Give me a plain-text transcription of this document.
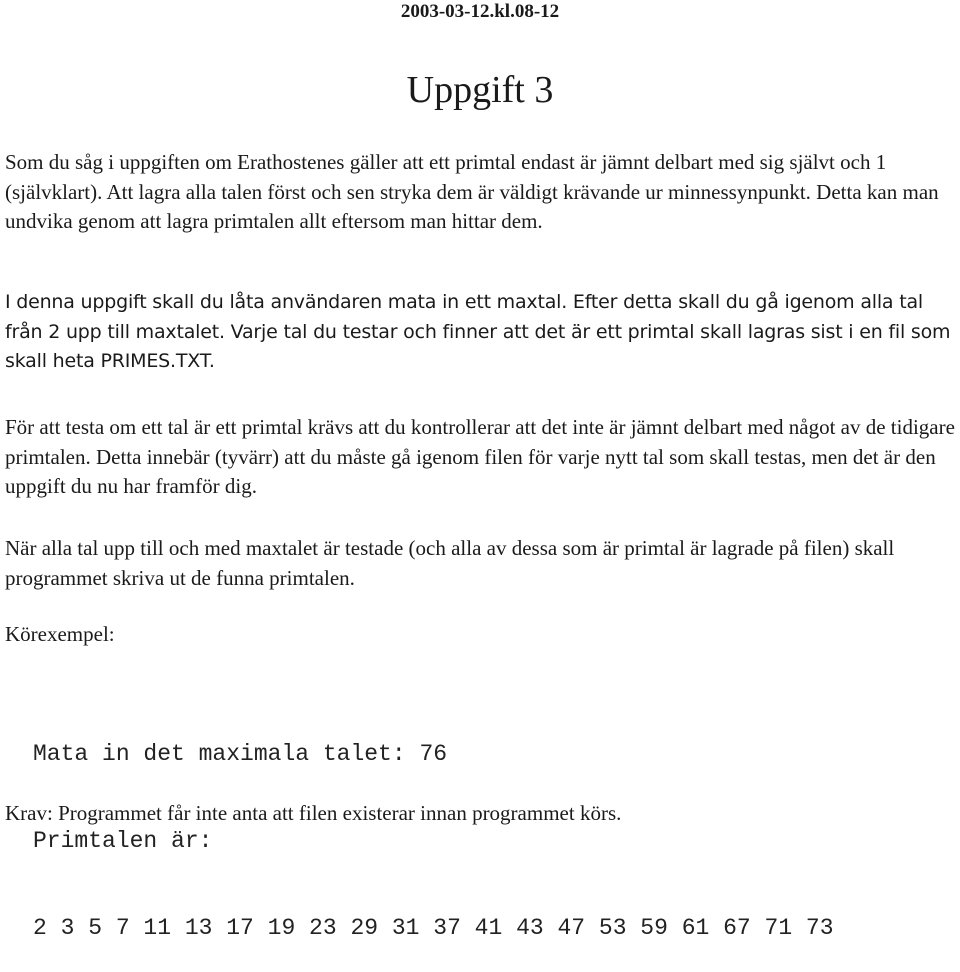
2003-03-12.kl.08-12
Uppgift 3

Som du såg i uppgiften om Erathostenes gäller att ett primtal endast är jämnt delbart med sig självt och 1 (självklart). Att lagra alla talen först och sen stryka dem är väldigt krävande ur minnessynpunkt. Detta kan man undvika genom att lagra primtalen allt eftersom man hittar dem.

I denna uppgift skall du låta användaren mata in ett maxtal. Efter detta skall du gå igenom alla tal från 2 upp till maxtalet. Varje tal du testar och finner att det är ett primtal skall lagras sist i en fil som skall heta PRIMES.TXT.

För att testa om ett tal är ett primtal krävs att du kontrollerar att det inte är jämnt delbart med något av de tidigare primtalen. Detta innebär (tyvärr) att du måste gå igenom filen för varje nytt tal som skall testas, men det är den uppgift du nu har framför dig.

När alla tal upp till och med maxtalet är testade (och alla av dessa som är primtal är lagrade på filen) skall programmet skriva ut de funna primtalen.

Körexempel:

Mata in det maximala talet: 76

Primtalen är:

2 3 5 7 11 13 17 19 23 29 31 37 41 43 47 53 59 61 67 71 73

Krav: Programmet får inte anta att filen existerar innan programmet körs.
